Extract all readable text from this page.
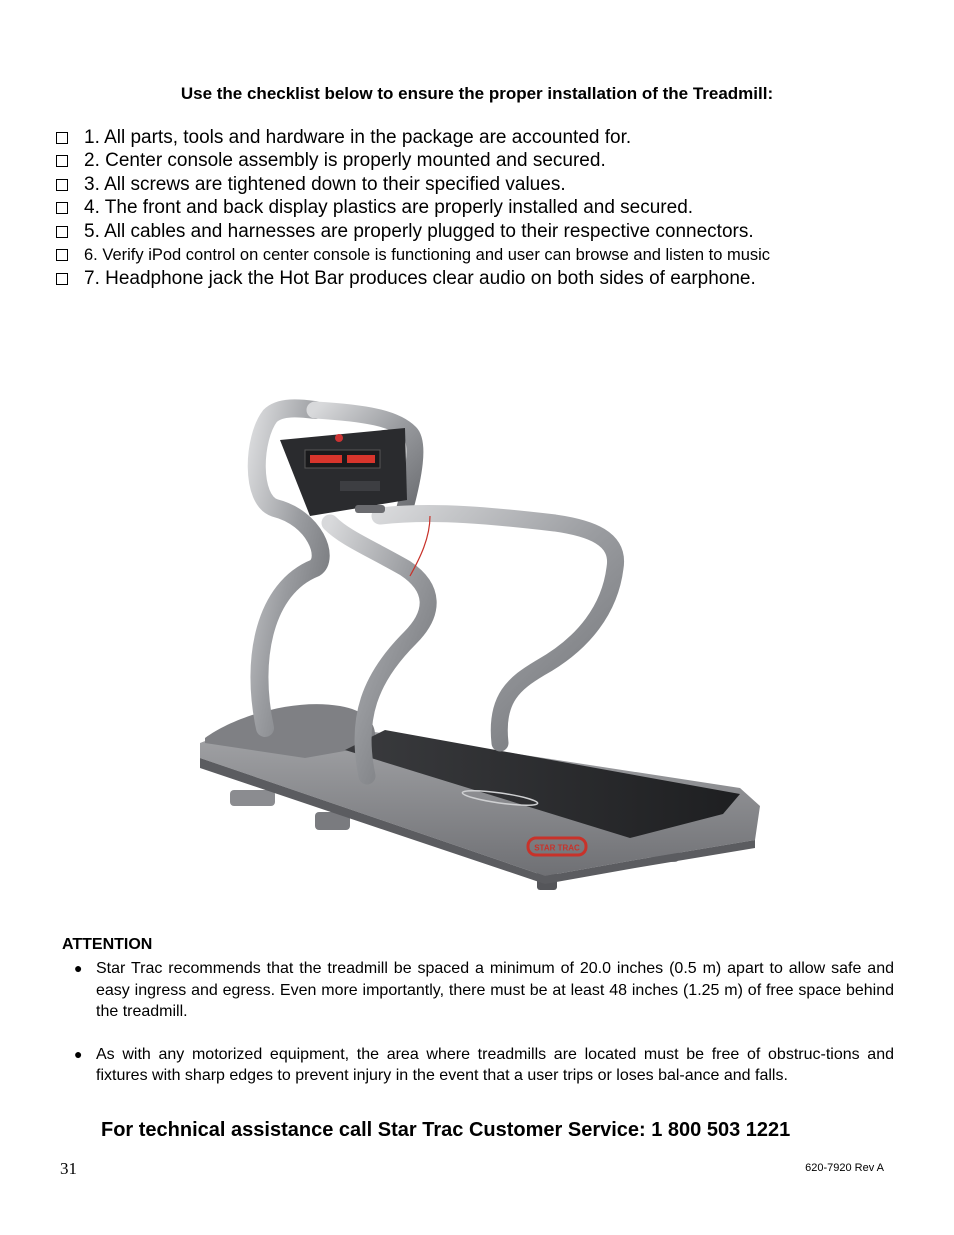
Use the checklist below to ensure the proper installation of the Treadmill:
1. All parts, tools and hardware in the package are accounted for.
2. Center console assembly is properly mounted and secured.
3. All screws are tightened down to their specified values.
4. The front and back display plastics are properly installed and secured.
5. All cables and harnesses are properly plugged to their respective connectors.
6. Verify iPod control on center console is functioning and user can browse and listen to music
7. Headphone jack the Hot Bar produces clear audio on both sides of earphone.
STAR TRAC
ATTENTION
● Star Trac recommends that the treadmill be spaced a minimum of 20.0 inches (0.5 m) apart to allow safe and easy ingress and egress. Even more importantly, there must be at least 48 inches (1.25 m) of free space behind the treadmill.
● As with any motorized equipment, the area where treadmills are located must be free of obstruc-tions and fixtures with sharp edges to prevent injury in the event that a user trips or loses bal-ance and falls.
For technical assistance call Star Trac Customer Service: 1 800 503 1221
31	620-7920 Rev A
